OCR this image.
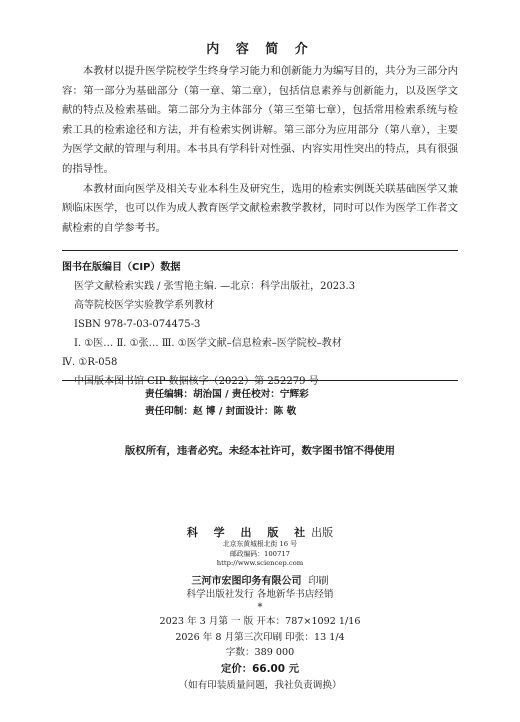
内 容 简 介

本教材以提升医学院校学生终身学习能力和创新能力为编写目的，共分为三部分内容：第一部分为基础部分（第一章、第二章），包括信息素养与创新能力，以及医学文献的特点及检索基础。第二部分为主体部分（第三至第七章），包括常用检索系统与检索工具的检索途径和方法，并有检索实例讲解。第三部分为应用部分（第八章），主要为医学文献的管理与利用。本书具有学科针对性强、内容实用性突出的特点，具有很强的指导性。

本教材面向医学及相关专业本科生及研究生，选用的检索实例既关联基础医学又兼顾临床医学，也可以作为成人教育医学文献检索教学教材，同时可以作为医学工作者文献检索的自学参考书。

图书在版编目（CIP）数据
医学文献检索实践 / 张雪艳主编. —北京：科学出版社，2023.3
高等院校医学实验教学系列教材
ISBN 978-7-03-074475-3
Ⅰ. ①医… Ⅱ. ①张… Ⅲ. ①医学文献–信息检索–医学院校–教材
Ⅳ. ①R-058
中国版本图书馆 CIP 数据核字（2022）第 252279 号
责任编辑：胡治国 / 责任校对：宁辉彩
责任印制：赵 博 / 封面设计：陈 敬
版权所有，违者必究。未经本社许可，数字图书馆不得使用
科 学 出 版 社出版
北京东黄城根北街 16 号
邮政编码：100717
http://www.sciencep.com
三河市宏图印务有限公司 印刷
科学出版社发行 各地新华书店经销
*
2023 年 3 月第 一 版 开本：787×1092 1/16
2026 年 8 月第三次印刷 印张：13 1/4
字数：389 000
定价：66.00 元
（如有印装质量问题，我社负责调换）
